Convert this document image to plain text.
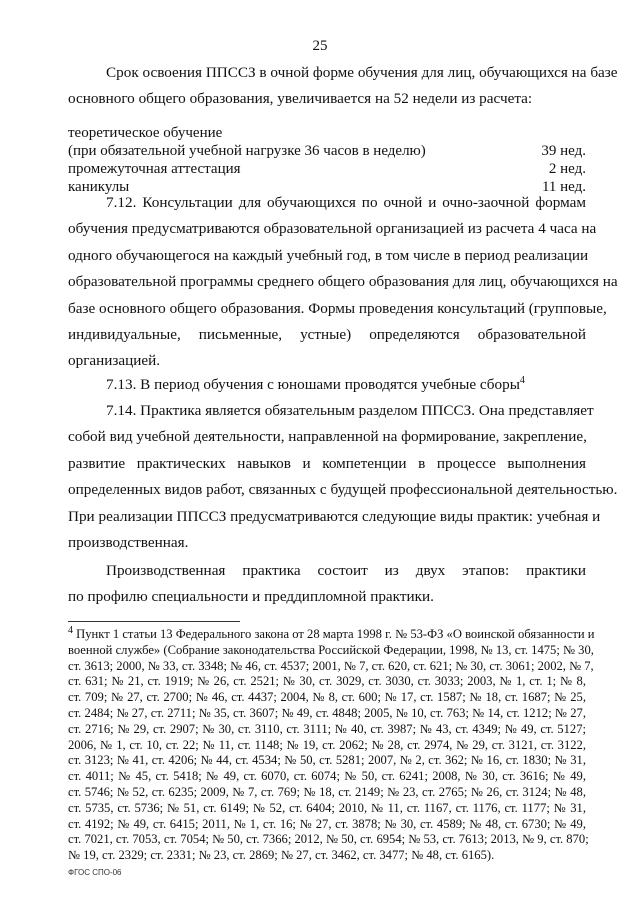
25
Срок освоения ППССЗ в очной форме обучения для лиц, обучающихся на базе
основного общего образования, увеличивается на 52 недели из расчета:
теоретическое обучение
(при обязательной учебной нагрузке 36 часов в неделю)	39 нед.
промежуточная аттестация	2 нед.
каникулы	11 нед.
7.12. Консультации для обучающихся по очной и очно-заочной формам
обучения предусматриваются образовательной организацией из расчета 4 часа на
одного обучающегося на каждый учебный год, в том числе в период реализации
образовательной программы среднего общего образования для лиц, обучающихся на
базе основного общего образования. Формы проведения консультаций (групповые,
индивидуальные, письменные, устные) определяются образовательной
организацией.
7.13. В период обучения с юношами проводятся учебные сборы$^4$
7.14. Практика является обязательным разделом ППССЗ. Она представляет
собой вид учебной деятельности, направленной на формирование, закрепление,
развитие практических навыков и компетенции в процессе выполнения
определенных видов работ, связанных с будущей профессиональной деятельностью.
При реализации ППССЗ предусматриваются следующие виды практик: учебная и
производственная.
Производственная практика состоит из двух этапов: практики
по профилю специальности и преддипломной практики.
$^4$ Пункт 1 статьи 13 Федерального закона от 28 марта 1998 г. № 53-ФЗ «О воинской обязанности и
военной службе» (Собрание законодательства Российской Федерации, 1998, № 13, ст. 1475; № 30,
ст. 3613; 2000, № 33, ст. 3348; № 46, ст. 4537; 2001, № 7, ст. 620, ст. 621; № 30, ст. 3061; 2002, № 7,
ст. 631; № 21, ст. 1919; № 26, ст. 2521; № 30, ст. 3029, ст. 3030, ст. 3033; 2003, № 1, ст. 1; № 8,
ст. 709; № 27, ст. 2700; № 46, ст. 4437; 2004, № 8, ст. 600; № 17, ст. 1587; № 18, ст. 1687; № 25,
ст. 2484; № 27, ст. 2711; № 35, ст. 3607; № 49, ст. 4848; 2005, № 10, ст. 763; № 14, ст. 1212; № 27,
ст. 2716; № 29, ст. 2907; № 30, ст. 3110, ст. 3111; № 40, ст. 3987; № 43, ст. 4349; № 49, ст. 5127;
2006, № 1, ст. 10, ст. 22; № 11, ст. 1148; № 19, ст. 2062; № 28, ст. 2974, № 29, ст. 3121, ст. 3122,
ст. 3123; № 41, ст. 4206; № 44, ст. 4534; № 50, ст. 5281; 2007, № 2, ст. 362; № 16, ст. 1830; № 31,
ст. 4011; № 45, ст. 5418; № 49, ст. 6070, ст. 6074; № 50, ст. 6241; 2008, № 30, ст. 3616; № 49,
ст. 5746; № 52, ст. 6235; 2009, № 7, ст. 769; № 18, ст. 2149; № 23, ст. 2765; № 26, ст. 3124; № 48,
ст. 5735, ст. 5736; № 51, ст. 6149; № 52, ст. 6404; 2010, № 11, ст. 1167, ст. 1176, ст. 1177; № 31,
ст. 4192; № 49, ст. 6415; 2011, № 1, ст. 16; № 27, ст. 3878; № 30, ст. 4589; № 48, ст. 6730; № 49,
ст. 7021, ст. 7053, ст. 7054; № 50, ст. 7366; 2012, № 50, ст. 6954; № 53, ст. 7613; 2013, № 9, ст. 870;
№ 19, ст. 2329; ст. 2331; № 23, ст. 2869; № 27, ст. 3462, ст. 3477; № 48, ст. 6165).
ФГОС СПО-06
